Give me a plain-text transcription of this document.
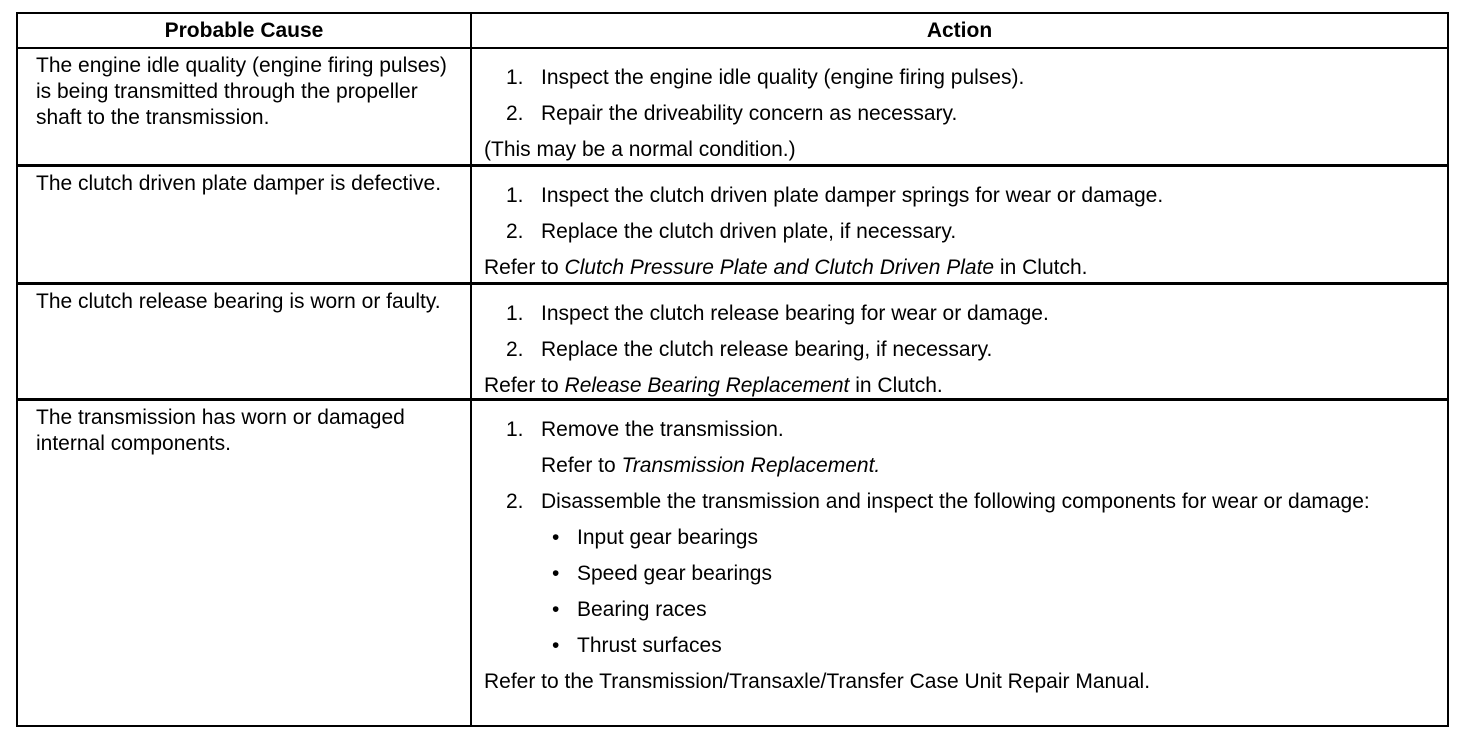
Probable Cause	Action
The engine idle quality (engine firing pulses) is being transmitted through the propeller shaft to the transmission.
1. Inspect the engine idle quality (engine firing pulses).
2. Repair the driveability concern as necessary.
(This may be a normal condition.)
The clutch driven plate damper is defective.
1. Inspect the clutch driven plate damper springs for wear or damage.
2. Replace the clutch driven plate, if necessary.
Refer to Clutch Pressure Plate and Clutch Driven Plate in Clutch.
The clutch release bearing is worn or faulty.
1. Inspect the clutch release bearing for wear or damage.
2. Replace the clutch release bearing, if necessary.
Refer to Release Bearing Replacement in Clutch.
The transmission has worn or damaged internal components.
1. Remove the transmission.
Refer to Transmission Replacement.
2. Disassemble the transmission and inspect the following components for wear or damage:
• Input gear bearings
• Speed gear bearings
• Bearing races
• Thrust surfaces
Refer to the Transmission/Transaxle/Transfer Case Unit Repair Manual.
